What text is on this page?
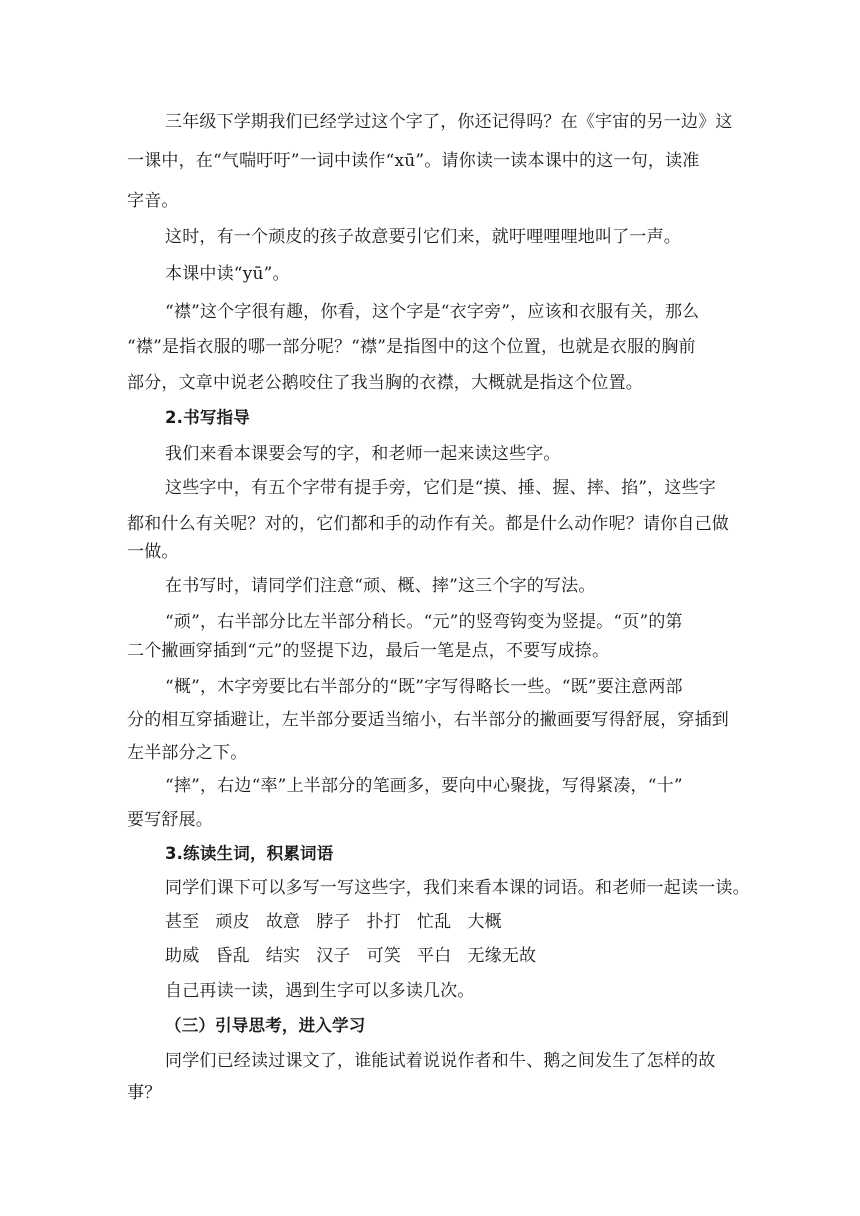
三年级下学期我们已经学过这个字了，你还记得吗？在《宇宙的另一边》这
一课中，在“气喘吁吁”一词中读作“xū”。请你读一读本课中的这一句，读准
字音。
这时，有一个顽皮的孩子故意要引它们来，就吁哩哩哩地叫了一声。
本课中读“yū”。
“襟”这个字很有趣，你看，这个字是“衣字旁”，应该和衣服有关，那么
“襟”是指衣服的哪一部分呢？“襟”是指图中的这个位置，也就是衣服的胸前
部分，文章中说老公鹅咬住了我当胸的衣襟，大概就是指这个位置。
2.书写指导
我们来看本课要会写的字，和老师一起来读这些字。
这些字中，有五个字带有提手旁，它们是“摸、捶、握、摔、掐”，这些字
都和什么有关呢？对的，它们都和手的动作有关。都是什么动作呢？请你自己做
一做。
在书写时，请同学们注意“顽、概、摔”这三个字的写法。
“顽”，右半部分比左半部分稍长。“元”的竖弯钩变为竖提。“页”的第
二个撇画穿插到“元”的竖提下边，最后一笔是点，不要写成捺。
“概”，木字旁要比右半部分的“既”字写得略长一些。“既”要注意两部
分的相互穿插避让，左半部分要适当缩小，右半部分的撇画要写得舒展，穿插到
左半部分之下。
“摔”，右边“率”上半部分的笔画多，要向中心聚拢，写得紧凑，“十”
要写舒展。
3.练读生词，积累词语
同学们课下可以多写一写这些字，我们来看本课的词语。和老师一起读一读。
甚至 顽皮 故意 脖子 扑打 忙乱 大概
助威 昏乱 结实 汉子 可笑 平白 无缘无故
自己再读一读，遇到生字可以多读几次。
（三）引导思考，进入学习
同学们已经读过课文了，谁能试着说说作者和牛、鹅之间发生了怎样的故
事？
